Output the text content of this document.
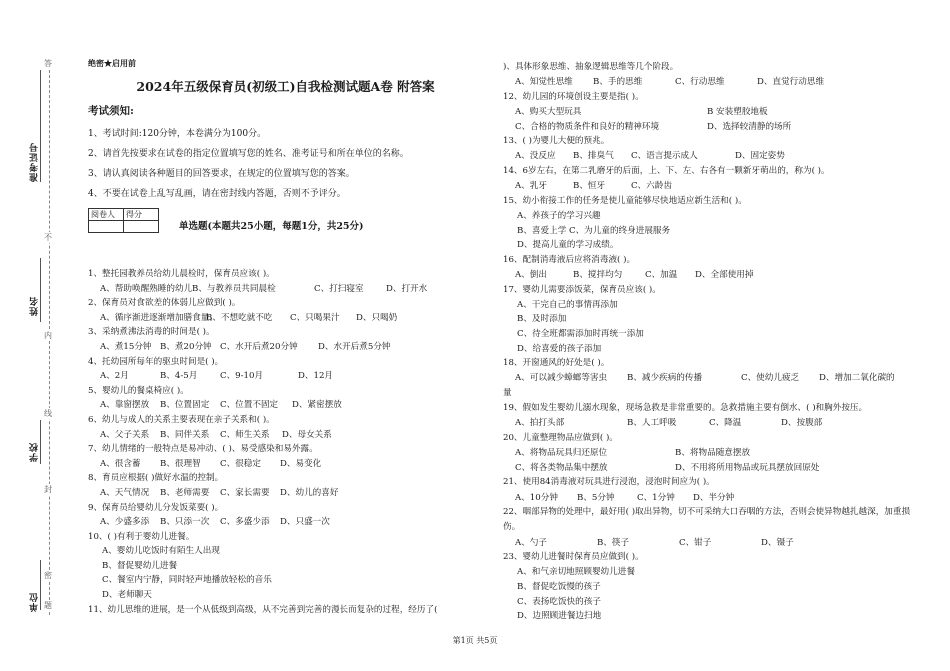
答
不
内
线
封
密
题
准考证号
姓名
学校
单位
绝密★启用前
2024年五级保育员(初级工)自我检测试题A卷 附答案
考试须知:
1、考试时间:120分钟，本卷满分为100分。
2、请首先按要求在试卷的指定位置填写您的姓名、准考证号和所在单位的名称。
3、请认真阅读各种题目的回答要求，在规定的位置填写您的答案。
4、不要在试卷上乱写乱画，请在密封线内答题，否则不予评分。
阅卷人	得分

单选题(本题共25小题，每题1分，共25分)
1、整托园教养员给幼儿晨检时，保育员应该( )。
A、帮助唤醒熟睡的幼儿 B、与教养员共同晨检	C、打扫寝室	D、打开水
2、保育员对食欲差的体弱儿应做到( )。
A、循序渐进逐渐增加膳食量。
B、不想吃就不吃	C、只喝果汁	D、只喝奶
3、采纳煮沸法消毒的时间是( )。
A、煮15分钟 B、煮20分钟 C、水开后煮20分钟	D、水开后煮5分钟
4、托幼园所每年的驱虫时间是( )。
A、2月	B、4-5月	C、9-10月	D、12月
5、婴幼儿的餐桌椅应( )。
A、靠窗摆放	B、位置固定	C、位置不固定	D、紧密摆放
6、幼儿与成人的关系主要表现在亲子关系和( )。
A、父子关系	B、同伴关系	C、师生关系	D、母女关系
7、幼儿情绪的一般特点是易冲动、( )、易受感染和易外露。
A、很含蓄	B、很理智	C、很稳定	D、易变化
8、育员应根据( )做好水温的控制。
A、天气情况	B、老师需要	C、家长需要	D、幼儿的喜好
9、保育员给婴幼儿分发饭菜要( )。
A、少盛多添	B、只添一次	C、多盛少添	D、只盛一次
10、( )有利于婴幼儿进餐。
A、婴幼儿吃饭时有陌生人出现
B、督促婴幼儿进餐
C、餐室内宁静，同时轻声地播放轻松的音乐
D、老师聊天
11、幼儿思维的进展，是一个从低级到高级，从不完善到完善的漫长而复杂的过程，经历了(
)、具体形象思维、抽象逻辑思维等几个阶段。
A、知觉性思维	B、手的思维	C、行动思维	D、直觉行动思维
12、幼儿园的环境创设主要是指( )。
A、购买大型玩具	B 安装塑胶地板
C、合格的物质条件和良好的精神环境	D、选择较清静的场所
13、( )为婴儿大便的预兆。
A、没反应	B、排臭气	C、语言提示成人	D、固定姿势
14、6岁左右，在第二乳磨牙的后面，上、下、左、右各有一颗新牙萌出的，称为( )。
A、乳牙	B、恒牙	C、六龄齿
15、幼小衔接工作的任务是使儿童能够尽快地适应新生活和( )。
A、养孩子的学习兴趣
B、喜爱上学 C、为儿童的终身进展服务
D、提高儿童的学习成绩。
16、配制消毒液后应将消毒液( )。
A、倒出	B、搅拌均匀	C、加温	D、全部使用掉
17、婴幼儿需要添饭菜，保育员应该( )。
A、干完自己的事情再添加
B、及时添加
C、待全班都需添加时再统一添加
D、给喜爱的孩子添加
18、开窗通风的好处是( )。
A、可以减少蟑螂等害虫	B、减少疾病的传播	C、使幼儿疲乏	D、增加二氧化碳的
量
19、假如发生婴幼儿溺水现象，现场急救是非常重要的。急救措施主要有倒水、( )和胸外按压。
A、拍打头部	B、人工呼吸	C、降温	D、按腹部
20、儿童整理物品应做到( )。
A、将物品玩具归还原位	B、将物品随意摆放
C、将各类物品集中摆放	D、不用将所用物品或玩具摆放回原处
21、使用84消毒液对玩具进行浸泡，浸泡时间应为( )。
A、10分钟	B、5分钟	C、1分钟	D、半分钟
22、咽部异物的处理中，最好用( )取出异物，切不可采纳大口吞咽的方法，否则会使异物越扎越深，加重损伤。
A、勺子	B、筷子	C、钳子	D、镊子
23、婴幼儿进餐时保育员应做到( )。
A、和气亲切地照顾婴幼儿进餐
B、督促吃饭慢的孩子
C、表扬吃饭快的孩子
D、边照顾进餐边扫地
第1页 共5页
